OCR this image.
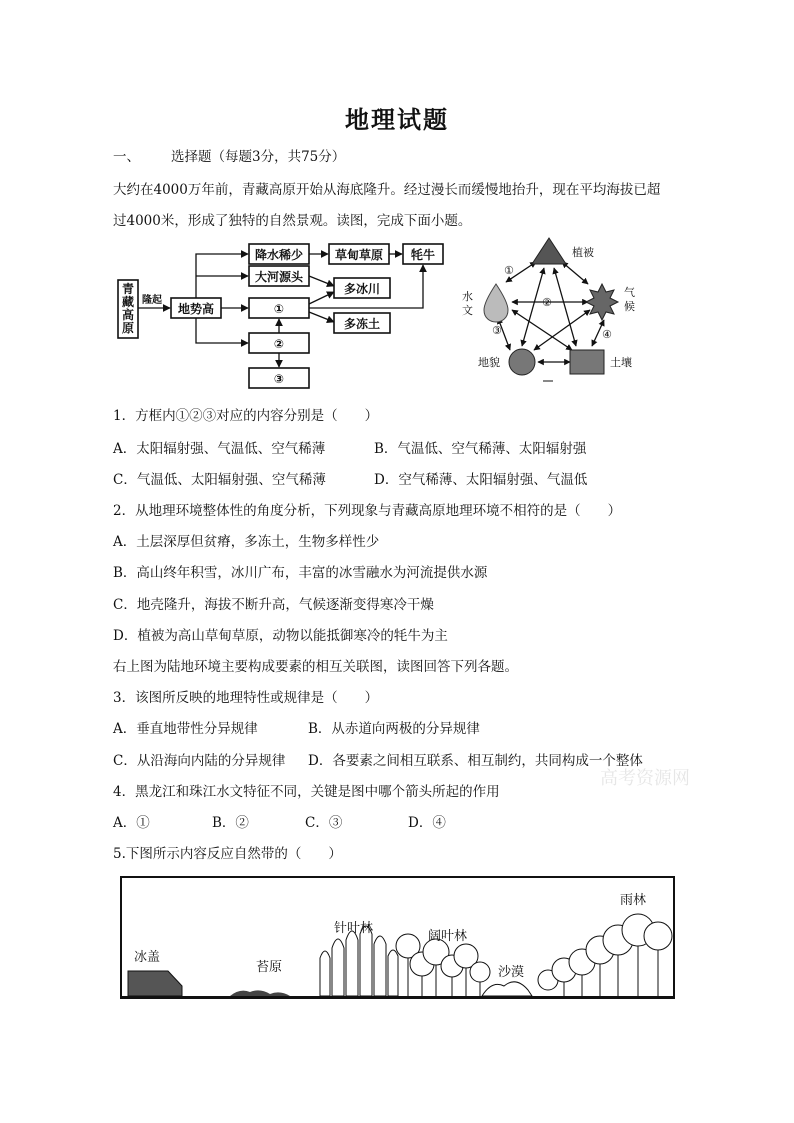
地理试题
一、 选择题（每题3分，共75分）
大约在4000万年前，青藏高原开始从海底隆升。经过漫长而缓慢地抬升，现在平均海拔已超
过4000米，形成了独特的自然景观。读图，完成下面小题。
青
藏
高
原
隆起
地势高
降水稀少	草甸草原 牦牛
大河源头
多冰川
①
多冻土
②
③
植被
气
候
水
文
地貌	土壤
①
②
③	④
1．方框内①②③对应的内容分别是（　　）
A．太阳辐射强、气温低、空气稀薄	B．气温低、空气稀薄、太阳辐射强
C．气温低、太阳辐射强、空气稀薄	D．空气稀薄、太阳辐射强、气温低
2．从地理环境整体性的角度分析，下列现象与青藏高原地理环境不相符的是（　　）
A．土层深厚但贫瘠，多冻土，生物多样性少
B．高山终年积雪，冰川广布，丰富的冰雪融水为河流提供水源
C．地壳隆升，海拔不断升高，气候逐渐变得寒冷干燥
D．植被为高山草甸草原，动物以能抵御寒冷的牦牛为主
右上图为陆地环境主要构成要素的相互关联图，读图回答下列各题。
3．该图所反映的地理特性或规律是（　　）
A．垂直地带性分异规律	B．从赤道向两极的分异规律
C．从沿海向内陆的分异规律 D．各要素之间相互联系、相互制约，共同构成一个整体
高考资源网
4．黑龙江和珠江水文特征不同，关键是图中哪个箭头所起的作用
A．①	B．②	C．③	D．④
5.下图所示内容反应自然带的（　　）
冰盖
苔原
针叶林
阔叶林
沙漠
雨林
